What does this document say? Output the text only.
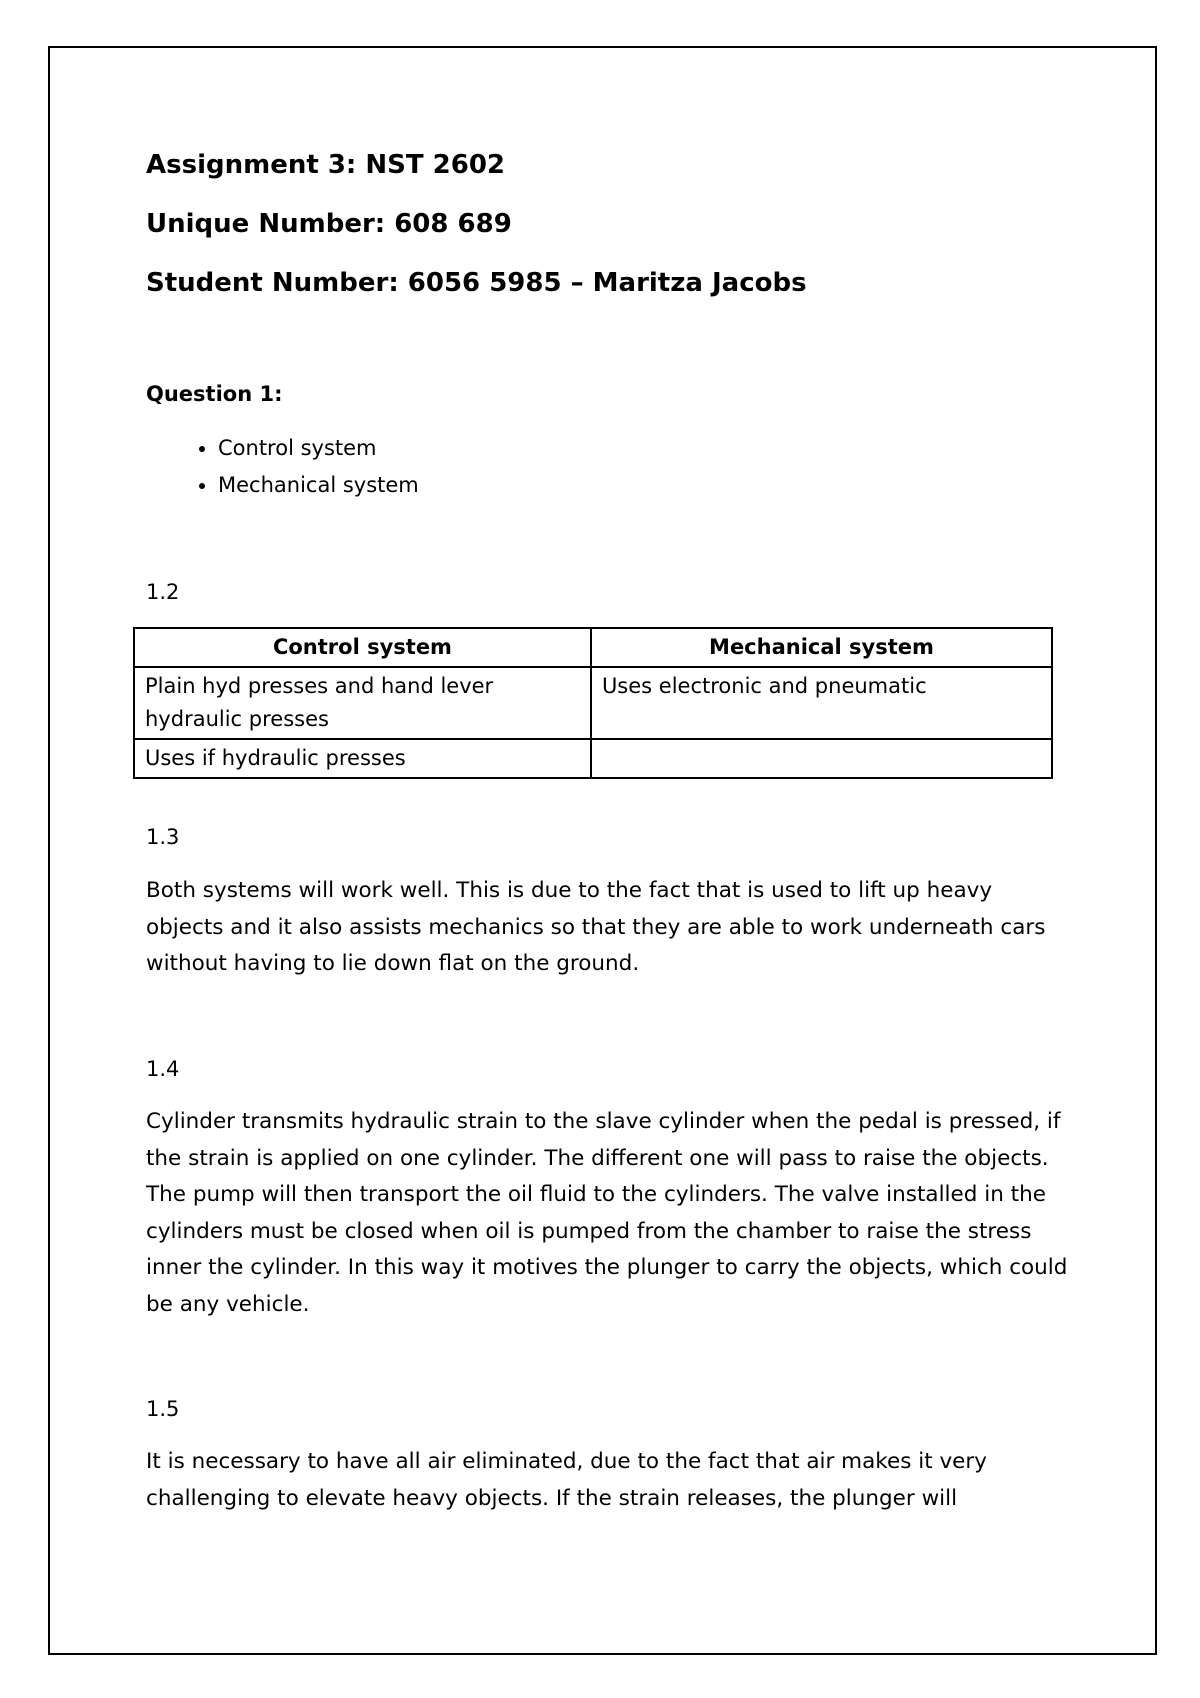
Assignment 3: NST 2602
Unique Number: 608 689
Student Number: 6056 5985 – Maritza Jacobs
Question 1:
• Control system
• Mechanical system
1.2
Control system	Mechanical system
Plain hyd presses and hand lever hydraulic presses	Uses electronic and pneumatic
Uses if hydraulic presses	
1.3

Both systems will work well. This is due to the fact that is used to lift up heavy objects and it also assists mechanics so that they are able to work underneath cars without having to lie down flat on the ground.

1.4

Cylinder transmits hydraulic strain to the slave cylinder when the pedal is pressed, if the strain is applied on one cylinder. The different one will pass to raise the objects. The pump will then transport the oil fluid to the cylinders. The valve installed in the cylinders must be closed when oil is pumped from the chamber to raise the stress inner the cylinder. In this way it motives the plunger to carry the objects, which could be any vehicle.

1.5

It is necessary to have all air eliminated, due to the fact that air makes it very challenging to elevate heavy objects. If the strain releases, the plunger will
